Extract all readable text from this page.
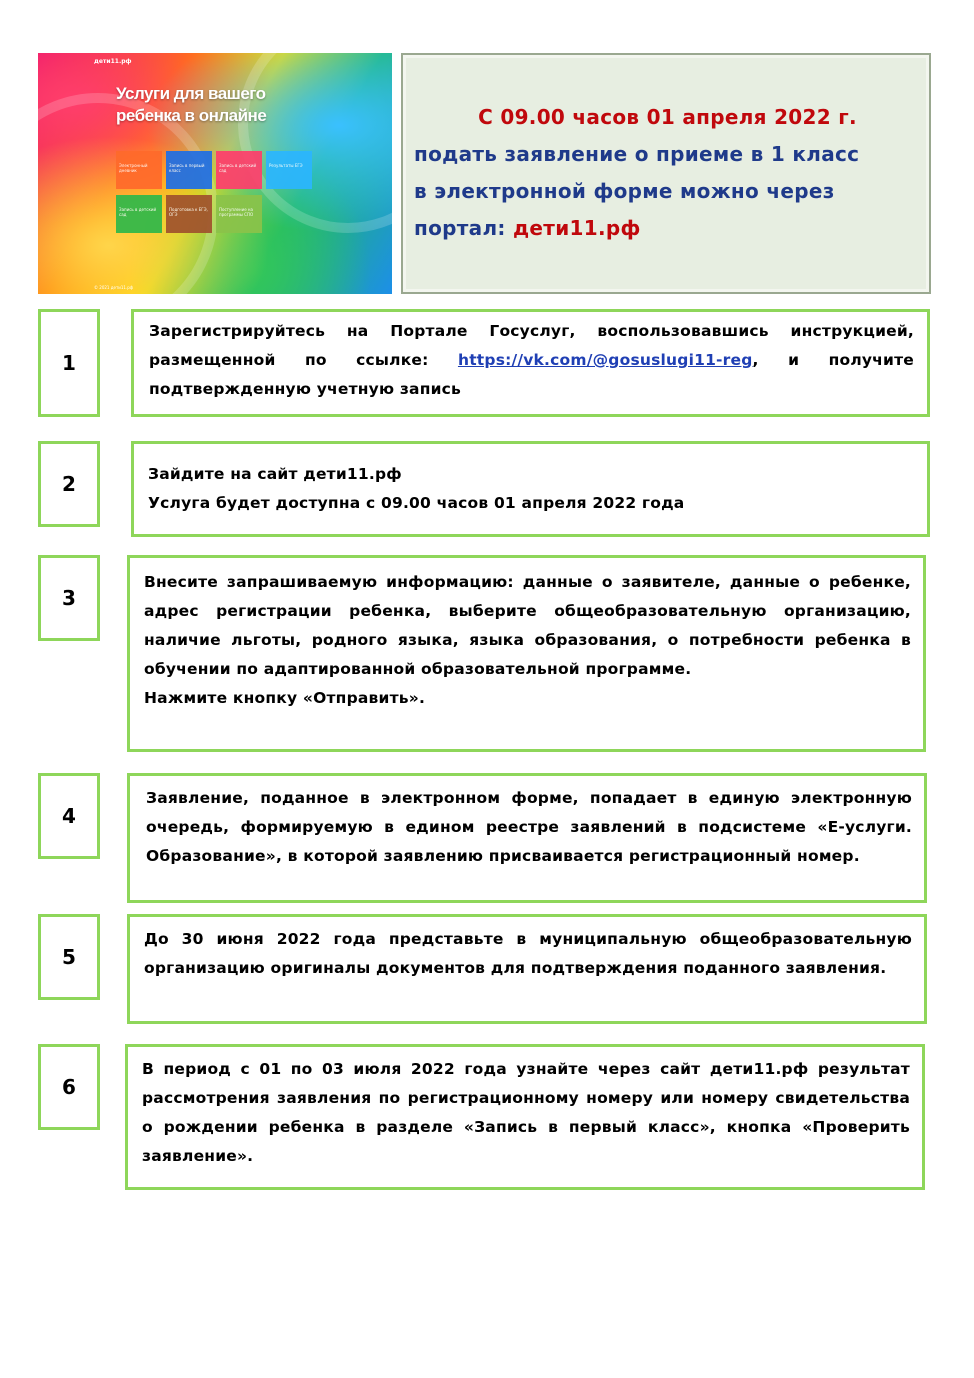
дети11.рф
Услуги для вашего ребенка в онлайне
Электронный дневник
Запись в первый класс
Запись в детский сад
Результаты ЕГЭ
Запись в детский сад
Подготовка к ЕГЭ, ОГЭ
Поступление на программы СПО
© 2021 дети11.рф
С 09.00 часов 01 апреля 2022 г.
подать заявление о приеме в 1 класс
в электронной форме можно через
портал: дети11.рф
1

Зарегистрируйтесь на Портале Госуслуг, воспользовавшись инструкцией, размещенной по ссылке: https://vk.com/@gosuslugi11-reg, и получите подтвержденную учетную запись

2	Зайдите на сайт дети11.рф

Услуга будет доступна с 09.00 часов 01 апреля 2022 года

3

Внесите запрашиваемую информацию: данные о заявителе, данные о ребенке, адрес регистрации ребенка, выберите общеобразовательную организацию, наличие льготы, родного языка, языка образования, о потребности ребенка в обучении по адаптированной образовательной программе.

Нажмите кнопку «Отправить».

4

Заявление, поданное в электронном форме, попадает в единую электронную очередь, формируемую в едином реестре заявлений в подсистеме «Е-услуги. Образование», в которой заявлению присваивается регистрационный номер.

5

До 30 июня 2022 года представьте в муниципальную общеобразовательную организацию оригиналы документов для подтверждения поданного заявления.

6

В период с 01 по 03 июля 2022 года узнайте через сайт дети11.рф результат рассмотрения заявления по регистрационному номеру или номеру свидетельства о рождении ребенка в разделе «Запись в первый класс», кнопка «Проверить заявление».
